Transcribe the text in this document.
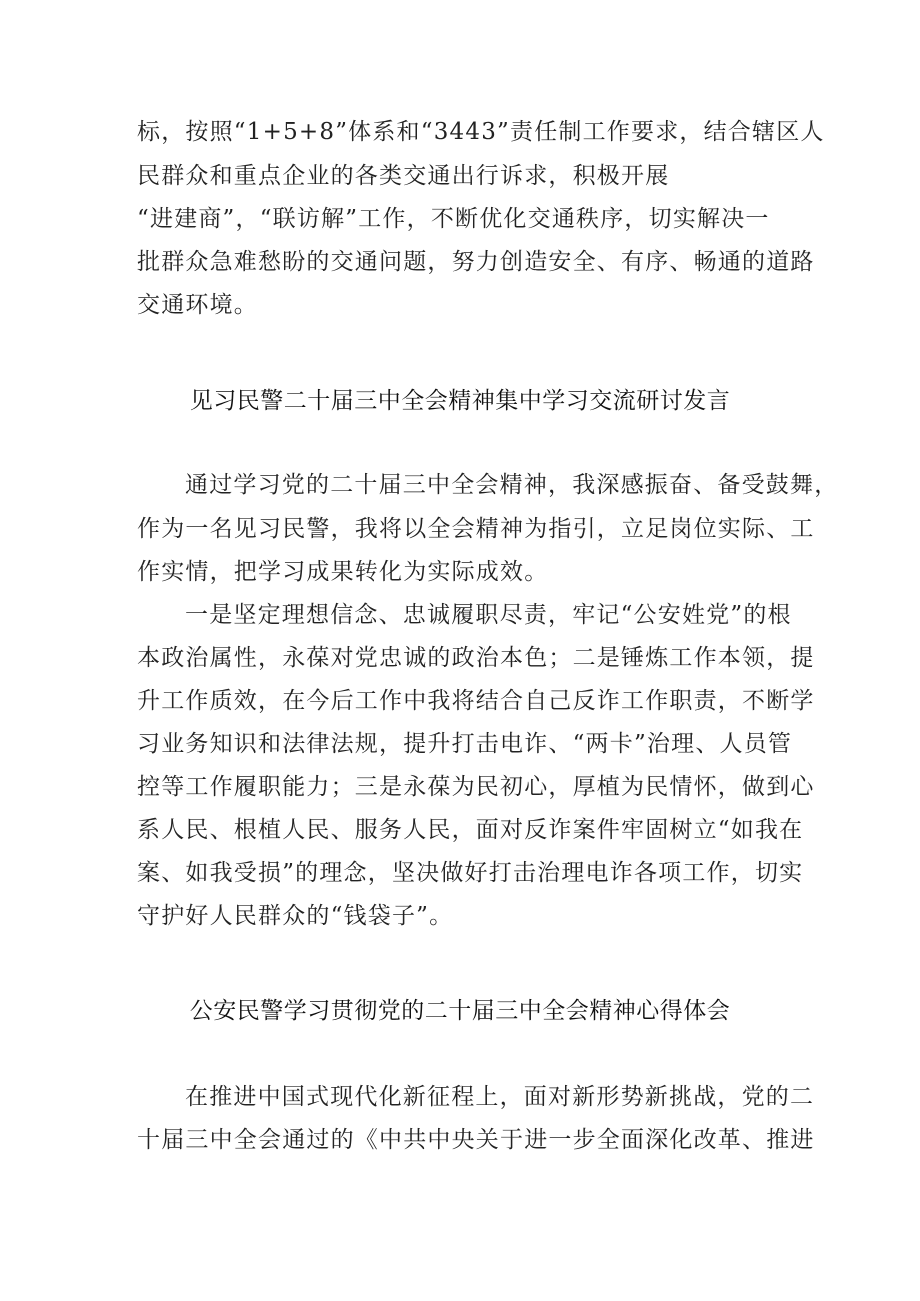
标，按照“1+5+8”体系和“3443”责任制工作要求，结合辖区人
民群众和重点企业的各类交通出行诉求，积极开展
“进建商”，“联访解”工作，不断优化交通秩序，切实解决一
批群众急难愁盼的交通问题，努力创造安全、有序、畅通的道路
交通环境。
见习民警二十届三中全会精神集中学习交流研讨发言
通过学习党的二十届三中全会精神，我深感振奋、备受鼓舞，
作为一名见习民警，我将以全会精神为指引，立足岗位实际、工
作实情，把学习成果转化为实际成效。
一是坚定理想信念、忠诚履职尽责，牢记“公安姓党”的根
本政治属性，永葆对党忠诚的政治本色；二是锤炼工作本领，提
升工作质效，在今后工作中我将结合自己反诈工作职责，不断学
习业务知识和法律法规，提升打击电诈、“两卡”治理、人员管
控等工作履职能力；三是永葆为民初心，厚植为民情怀，做到心
系人民、根植人民、服务人民，面对反诈案件牢固树立“如我在
案、如我受损”的理念，坚决做好打击治理电诈各项工作，切实
守护好人民群众的“钱袋子”。
公安民警学习贯彻党的二十届三中全会精神心得体会
在推进中国式现代化新征程上，面对新形势新挑战，党的二
十届三中全会通过的《中共中央关于进一步全面深化改革、推进
